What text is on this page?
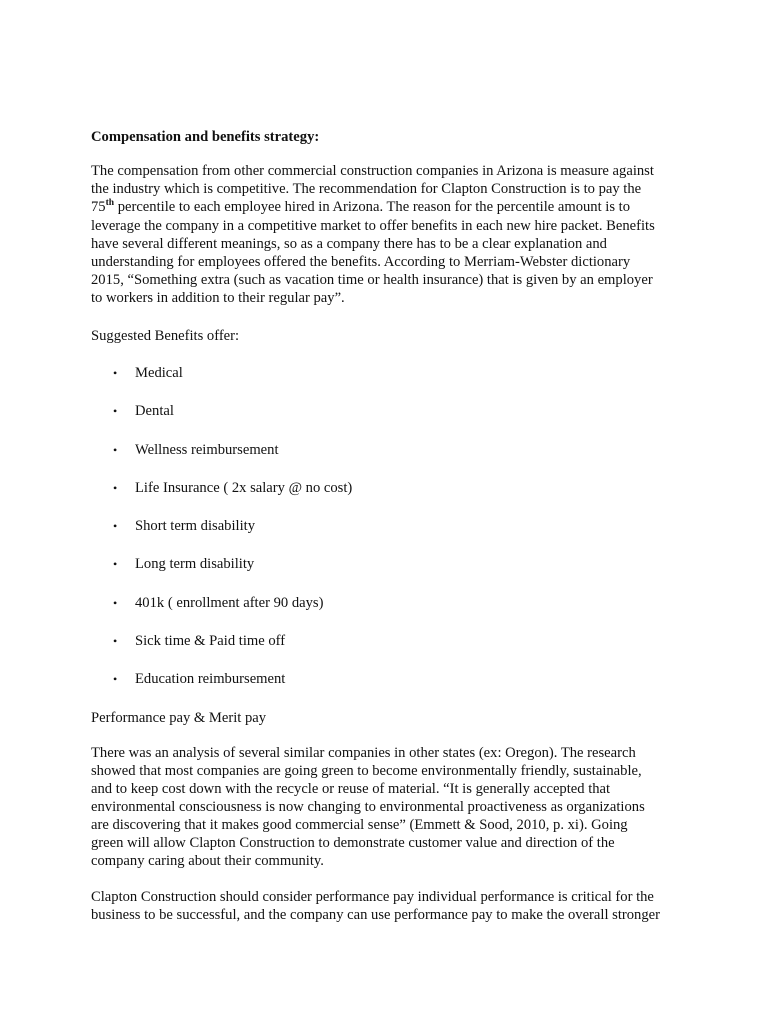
Compensation and benefits strategy:
The compensation from other commercial construction companies in Arizona is measure against
the industry which is competitive. The recommendation for Clapton Construction is to pay the
75th percentile to each employee hired in Arizona. The reason for the percentile amount is to
leverage the company in a competitive market to offer benefits in each new hire packet. Benefits
have several different meanings, so as a company there has to be a clear explanation and
understanding for employees offered the benefits. According to Merriam-Webster dictionary
2015, “Something extra (such as vacation time or health insurance) that is given by an employer
to workers in addition to their regular pay”.
Suggested Benefits offer:
• Medical
• Dental
• Wellness reimbursement
• Life Insurance ( 2x salary @ no cost)
• Short term disability
• Long term disability
• 401k ( enrollment after 90 days)
• Sick time & Paid time off
• Education reimbursement
Performance pay & Merit pay
There was an analysis of several similar companies in other states (ex: Oregon). The research
showed that most companies are going green to become environmentally friendly, sustainable,
and to keep cost down with the recycle or reuse of material. “It is generally accepted that
environmental consciousness is now changing to environmental proactiveness as organizations
are discovering that it makes good commercial sense” (Emmett & Sood, 2010, p. xi). Going
green will allow Clapton Construction to demonstrate customer value and direction of the
company caring about their community.
Clapton Construction should consider performance pay individual performance is critical for the
business to be successful, and the company can use performance pay to make the overall stronger
